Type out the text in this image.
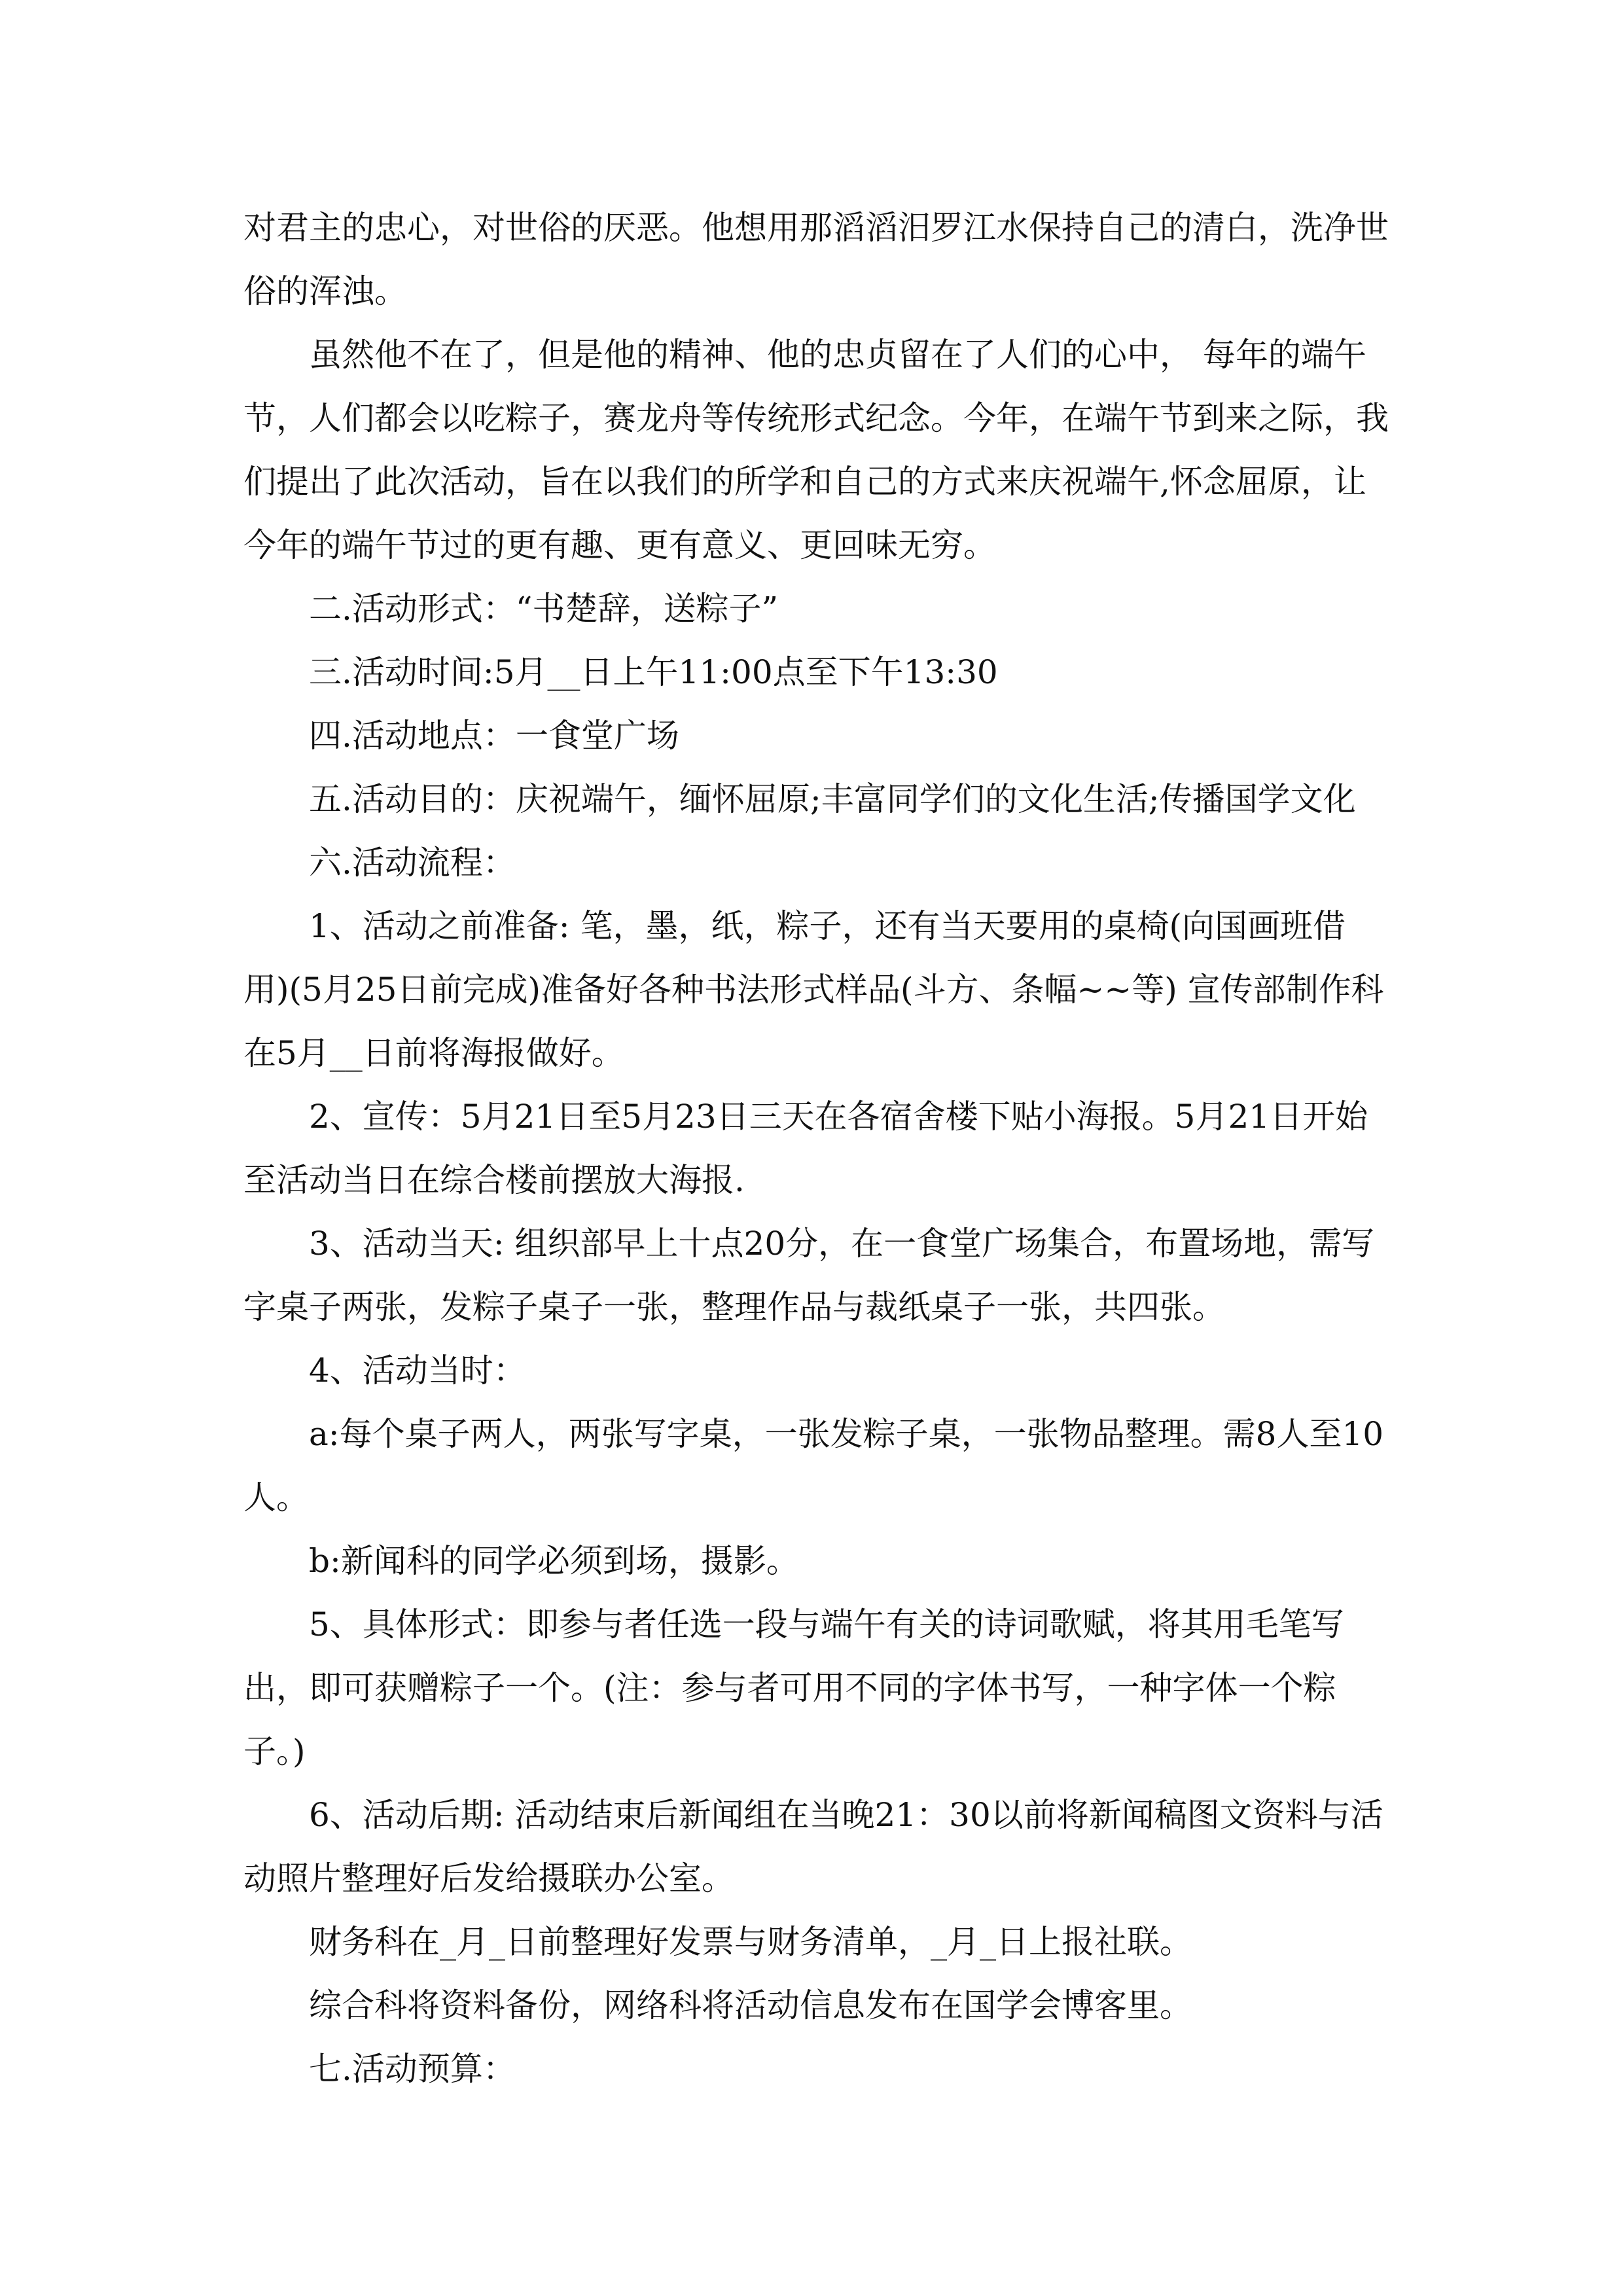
对君主的忠心，对世俗的厌恶。他想用那滔滔汨罗江水保持自己的清白，洗净世俗的浑浊。

虽然他不在了，但是他的精神、他的忠贞留在了人们的心中， 每年的端午节，人们都会以吃粽子，赛龙舟等传统形式纪念。今年，在端午节到来之际，我们提出了此次活动，旨在以我们的所学和自己的方式来庆祝端午,怀念屈原，让今年的端午节过的更有趣、更有意义、更回味无穷。

二.活动形式：“书楚辞，送粽子”

三.活动时间:5月__日上午11:00点至下午13:30

四.活动地点：一食堂广场

五.活动目的：庆祝端午，缅怀屈原;丰富同学们的文化生活;传播国学文化

六.活动流程：

1、活动之前准备: 笔，墨，纸，粽子，还有当天要用的桌椅(向国画班借用)(5月25日前完成)准备好各种书法形式样品(斗方、条幅~~等) 宣传部制作科在5月__日前将海报做好。

2、宣传：5月21日至5月23日三天在各宿舍楼下贴小海报。5月21日开始至活动当日在综合楼前摆放大海报.

3、活动当天: 组织部早上十点20分，在一食堂广场集合，布置场地，需写字桌子两张，发粽子桌子一张，整理作品与裁纸桌子一张，共四张。

4、活动当时：

a:每个桌子两人，两张写字桌，一张发粽子桌，一张物品整理。需8人至10人。

b:新闻科的同学必须到场，摄影。

5、具体形式：即参与者任选一段与端午有关的诗词歌赋，将其用毛笔写出，即可获赠粽子一个。(注：参与者可用不同的字体书写，一种字体一个粽子。)

6、活动后期: 活动结束后新闻组在当晚21：30以前将新闻稿图文资料与活动照片整理好后发给摄联办公室。

财务科在_月_日前整理好发票与财务清单，_月_日上报社联。

综合科将资料备份，网络科将活动信息发布在国学会博客里。

七.活动预算：
